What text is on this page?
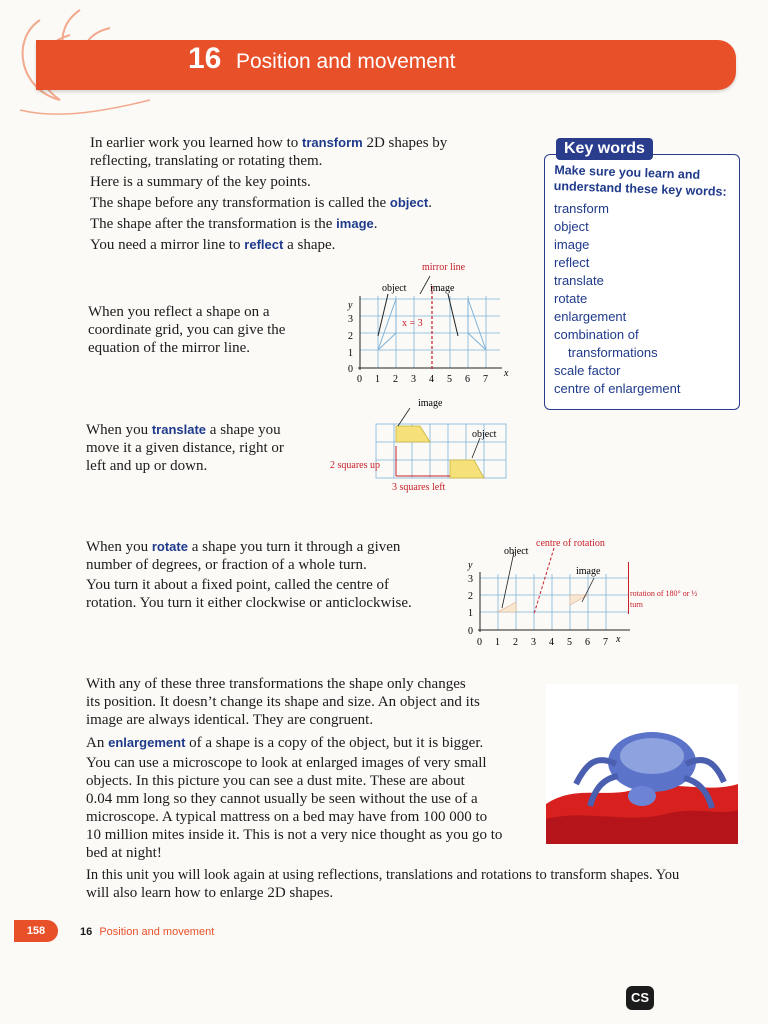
16 Position and movement
In earlier work you learned how to transform 2D shapes by
reflecting, translating or rotating them.
Here is a summary of the key points.
The shape before any transformation is called the object.
The shape after the transformation is the image.
You need a mirror line to reflect a shape.
Key words
Make sure you learn and understand these key words:
transform
object
image
reflect
translate
rotate
enlargement
combination of
transformations
scale factor
centre of enlargement
When you reflect a shape on a
coordinate grid, you can give the
equation of the mirror line.
mirror line
object image
x = 3
y
x
3
2
1
0
0 1 2 3 4 5 6 7
When you translate a shape you
move it a given distance, right or
left and up or down.
image
object
2 squares up
3 squares left
When you rotate a shape you turn it through a given
number of degrees, or fraction of a whole turn.
You turn it about a fixed point, called the centre of
rotation. You turn it either clockwise or anticlockwise.
centre of rotation
object
image
rotation of 180° or ½
turn
y
x
3
2
1
0
0 1 2 3 4 5 6 7
With any of these three transformations the shape only changes
its position. It doesn’t change its shape and size. An object and its
image are always identical. They are congruent.
An enlargement of a shape is a copy of the object, but it is bigger.
You can use a microscope to look at enlarged images of very small
objects. In this picture you can see a dust mite. These are about
0.04 mm long so they cannot usually be seen without the use of a
microscope. A typical mattress on a bed may have from 100 000 to
10 million mites inside it. This is not a very nice thought as you go to
bed at night!
In this unit you will look again at using reflections, translations and rotations to transform shapes. You
will also learn how to enlarge 2D shapes.
158	16 Position and movement
CS
